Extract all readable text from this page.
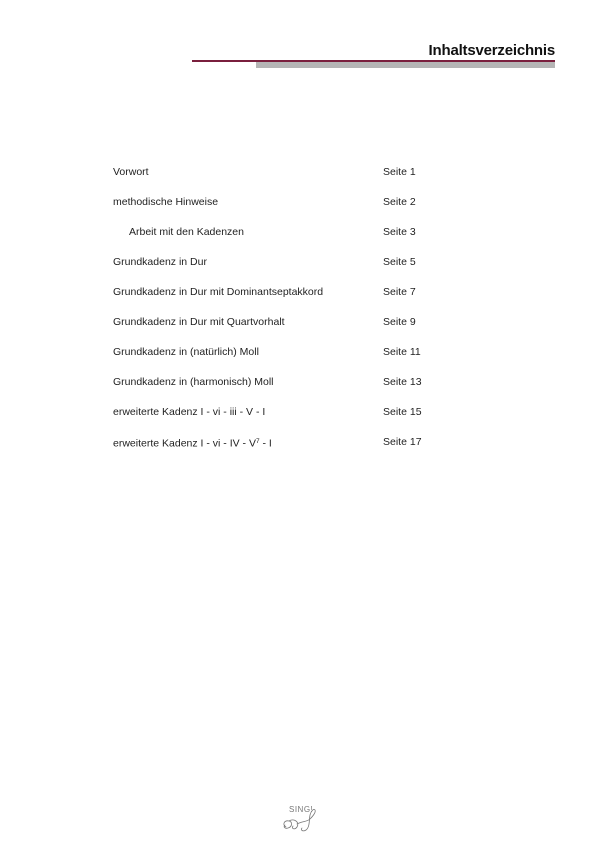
Inhaltsverzeichnis
Vorwort	Seite 1
methodische Hinweise	Seite 2
Arbeit mit den Kadenzen	Seite 3
Grundkadenz in Dur	Seite 5
Grundkadenz in Dur mit Dominantseptakkord	Seite 7
Grundkadenz in Dur mit Quartvorhalt	Seite 9
Grundkadenz in (natürlich) Moll	Seite 11
Grundkadenz in (harmonisch) Moll	Seite 13
erweiterte Kadenz I - vi - iii - V - I	Seite 15
erweiterte Kadenz I - vi - IV - $V^7$ - I	Seite 17
SING!
